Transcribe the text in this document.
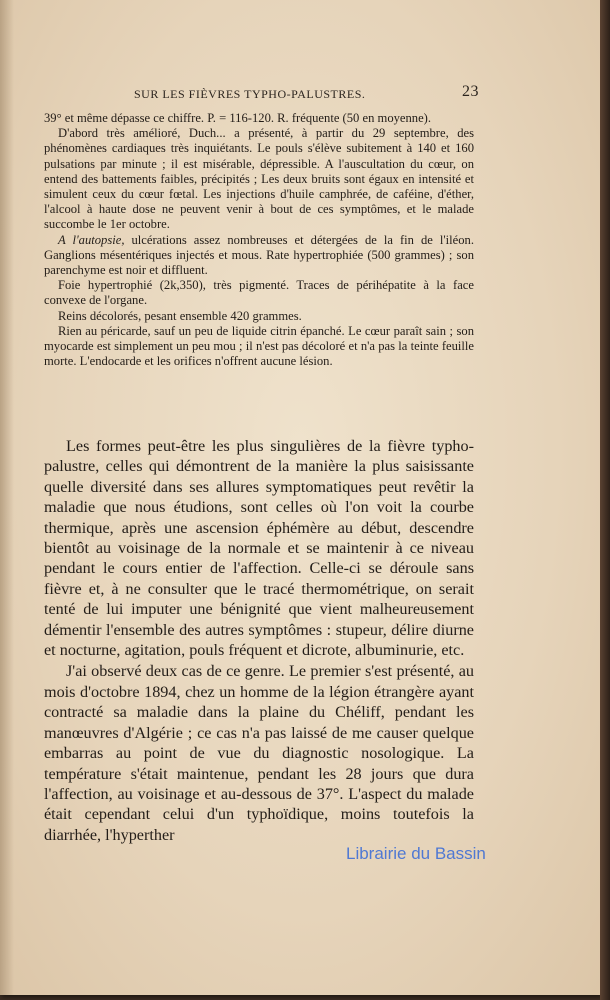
SUR LES FIÈVRES TYPHO-PALUSTRES.	23

39° et même dépasse ce chiffre. P. = 116-120. R. fréquente (50 en moyenne).

D'abord très amélioré, Duch... a présenté, à partir du 29 septembre, des phénomènes cardiaques très inquiétants. Le pouls s'élève subitement à 140 et 160 pulsations par minute ; il est misérable, dépressible. A l'auscultation du cœur, on entend des battements faibles, précipités ; Les deux bruits sont égaux en intensité et simulent ceux du cœur fœtal. Les injections d'huile camphrée, de caféine, d'éther, l'alcool à haute dose ne peuvent venir à bout de ces symptômes, et le malade succombe le 1er octobre.

A l'autopsie, ulcérations assez nombreuses et détergées de la fin de l'iléon. Ganglions mésentériques injectés et mous. Rate hypertrophiée (500 grammes) ; son parenchyme est noir et diffluent.

Foie hypertrophié (2k,350), très pigmenté. Traces de périhépatite à la face convexe de l'organe.

Reins décolorés, pesant ensemble 420 grammes.

Rien au péricarde, sauf un peu de liquide citrin épanché. Le cœur paraît sain ; son myocarde est simplement un peu mou ; il n'est pas décoloré et n'a pas la teinte feuille morte. L'endocarde et les orifices n'offrent aucune lésion.

Les formes peut-être les plus singulières de la fièvre typho-palustre, celles qui démontrent de la manière la plus saisissante quelle diversité dans ses allures symptomatiques peut revêtir la maladie que nous étudions, sont celles où l'on voit la courbe thermique, après une ascension éphémère au début, descendre bientôt au voisinage de la normale et se maintenir à ce niveau pendant le cours entier de l'affection. Celle-ci se déroule sans fièvre et, à ne consulter que le tracé thermométrique, on serait tenté de lui imputer une bénignité que vient malheureusement démentir l'ensemble des autres symptômes : stupeur, délire diurne et nocturne, agitation, pouls fréquent et dicrote, albuminurie, etc.

J'ai observé deux cas de ce genre. Le premier s'est présenté, au mois d'octobre 1894, chez un homme de la légion étrangère ayant contracté sa maladie dans la plaine du Chéliff, pendant les manœuvres d'Algérie ; ce cas n'a pas laissé de me causer quelque embarras au point de vue du diagnostic nosologique. La température s'était maintenue, pendant les 28 jours que dura l'affection, au voisinage et au-dessous de 37°. L'aspect du malade était cependant celui d'un typhoïdique, moins toutefois la diarrhée, l'hyperther

Librairie du Bassin
